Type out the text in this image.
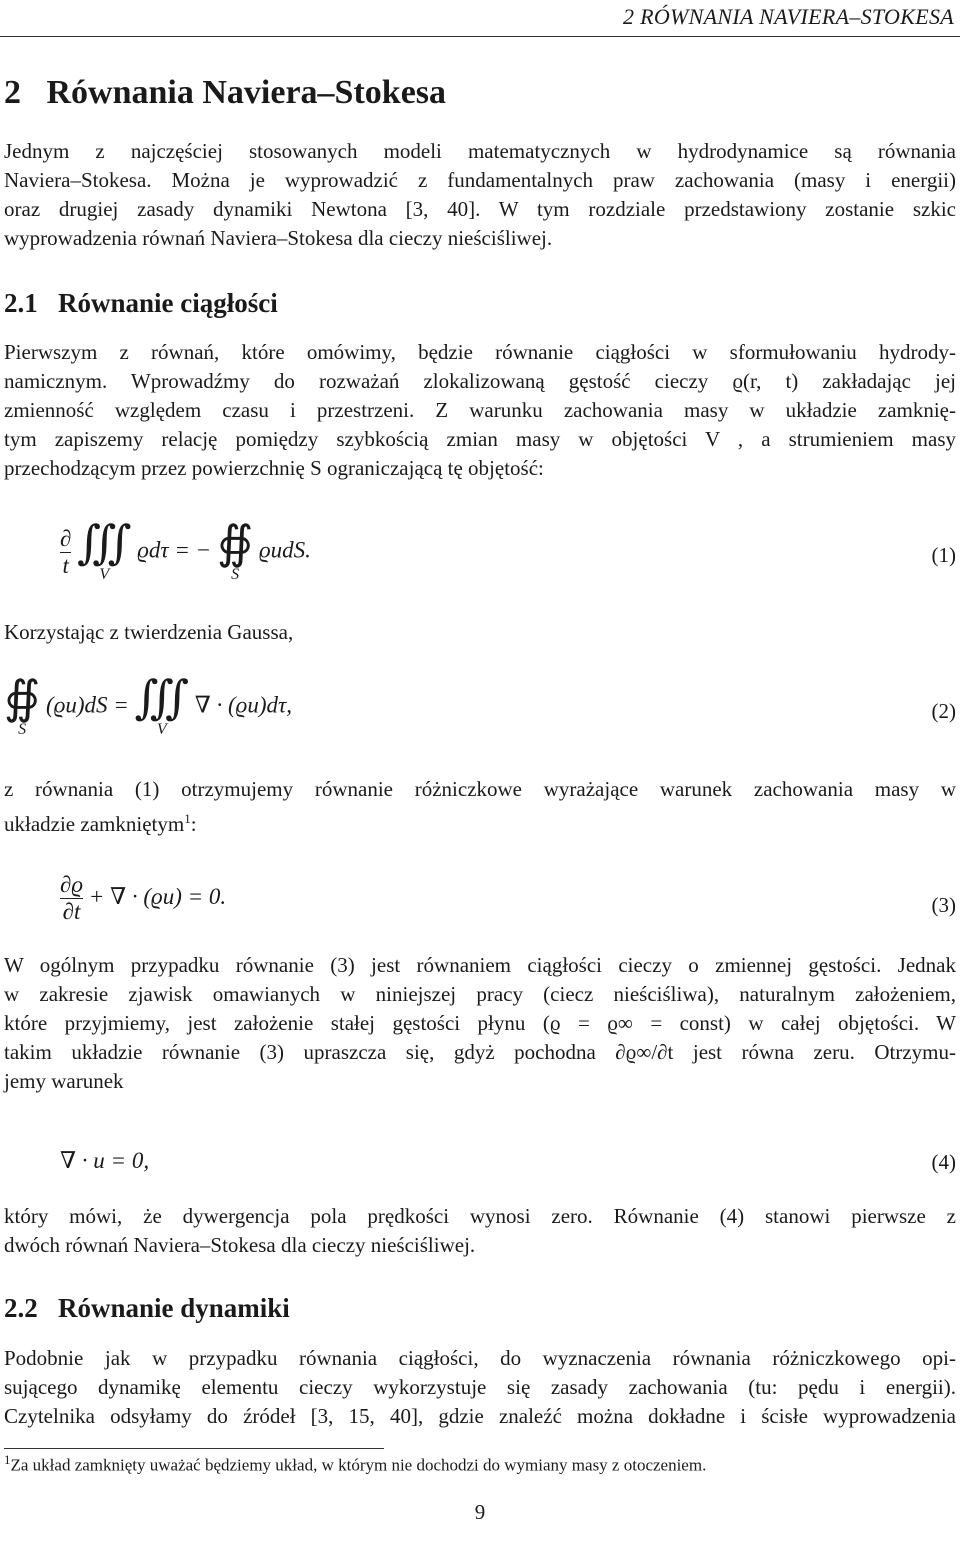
2 RÓWNANIA NAVIERA–STOKESA
2 Równania Naviera–Stokesa
Jednym z najczęściej stosowanych modeli matematycznych w hydrodynamice są równania
Naviera–Stokesa. Można je wyprowadzić z fundamentalnych praw zachowania (masy i energii)
oraz drugiej zasady dynamiki Newtona [3, 40]. W tym rozdziale przedstawiony zostanie szkic
wyprowadzenia równań Naviera–Stokesa dla cieczy nieściśliwej.
2.1 Równanie ciągłości
Pierwszym z równań, które omówimy, będzie równanie ciągłości w sformułowaniu hydrody-
namicznym. Wprowadźmy do rozważań zlokalizowaną gęstość cieczy ϱ(r, t) zakładając jej
zmienność względem czasu i przestrzeni. Z warunku zachowania masy w układzie zamknię-
tym zapiszemy relację pomiędzy szybkością zmian masy w objętości V , a strumieniem masy
przechodzącym przez powierzchnię S ograniczającą tę objętość:
$\frac{\partial}{t}$
∭
V
ϱdτ = − ∯
S
ϱudS.	(1)
Korzystając z twierdzenia Gaussa,
∯
S
(ϱu)dS = ∭
V
∇ · (ϱu)dτ,	(2)
z równania (1) otrzymujemy równanie różniczkowe wyrażające warunek zachowania masy w
układzie zamkniętym$^1$:
$\frac{\partial ϱ}{\partial t}$ + ∇ · (ϱu) = 0.	(3)
W ogólnym przypadku równanie (3) jest równaniem ciągłości cieczy o zmiennej gęstości. Jednak
w zakresie zjawisk omawianych w niniejszej pracy (ciecz nieściśliwa), naturalnym założeniem,
które przyjmiemy, jest założenie stałej gęstości płynu (ϱ = ϱ∞ = const) w całej objętości. W
takim układzie równanie (3) upraszcza się, gdyż pochodna ∂ϱ∞/∂t jest równa zeru. Otrzymu-
jemy warunek
∇ · u = 0,	(4)
który mówi, że dywergencja pola prędkości wynosi zero. Równanie (4) stanowi pierwsze z
dwóch równań Naviera–Stokesa dla cieczy nieściśliwej.
2.2 Równanie dynamiki
Podobnie jak w przypadku równania ciągłości, do wyznaczenia równania różniczkowego opi-
sującego dynamikę elementu cieczy wykorzystuje się zasady zachowania (tu: pędu i energii).
Czytelnika odsyłamy do źródeł [3, 15, 40], gdzie znaleźć można dokładne i ścisłe wyprowadzenia
$^1$Za układ zamknięty uważać będziemy układ, w którym nie dochodzi do wymiany masy z otoczeniem.
9
